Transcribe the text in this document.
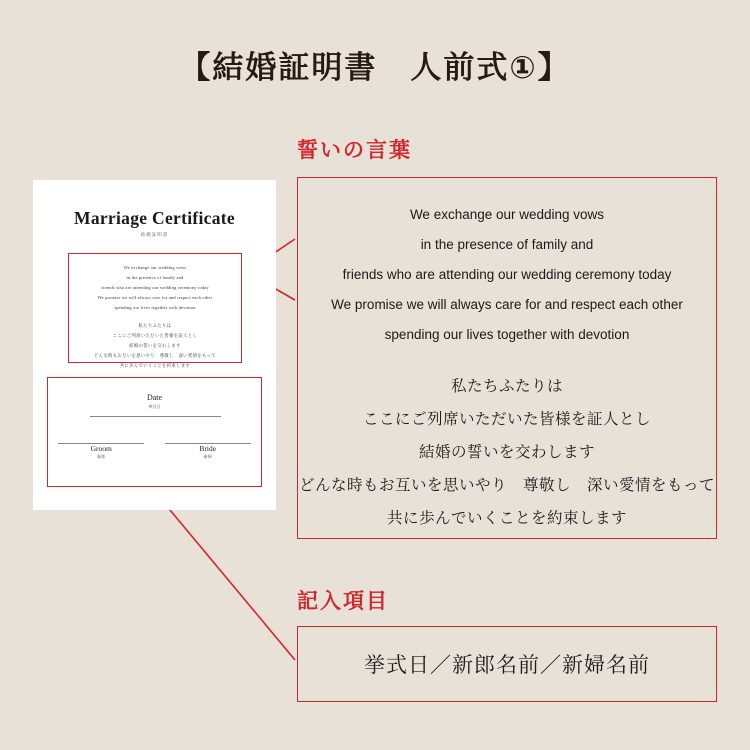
【結婚証明書　人前式①】
Marriage Certificate
結婚証明書
We exchange our wedding vows
in the presence of family and
friends who are attending our wedding ceremony today
We promise we will always care for and respect each other
spending our lives together with devotion
私たちふたりは
ここにご列席いただいた皆様を証人とし
結婚の誓いを交わします
どんな時もお互いを思いやり　尊敬し　深い愛情をもって
共に歩んでいくことを約束します
Date
挙式日
Groom
新郎
Bride
新婦
誓いの言葉
We exchange our wedding vows
in the presence of family and
friends who are attending our wedding ceremony today
We promise we will always care for and respect each other
spending our lives together with devotion
私たちふたりは
ここにご列席いただいた皆様を証人とし
結婚の誓いを交わします
どんな時もお互いを思いやり　尊敬し　深い愛情をもって
共に歩んでいくことを約束します
記入項目
挙式日／新郎名前／新婦名前
